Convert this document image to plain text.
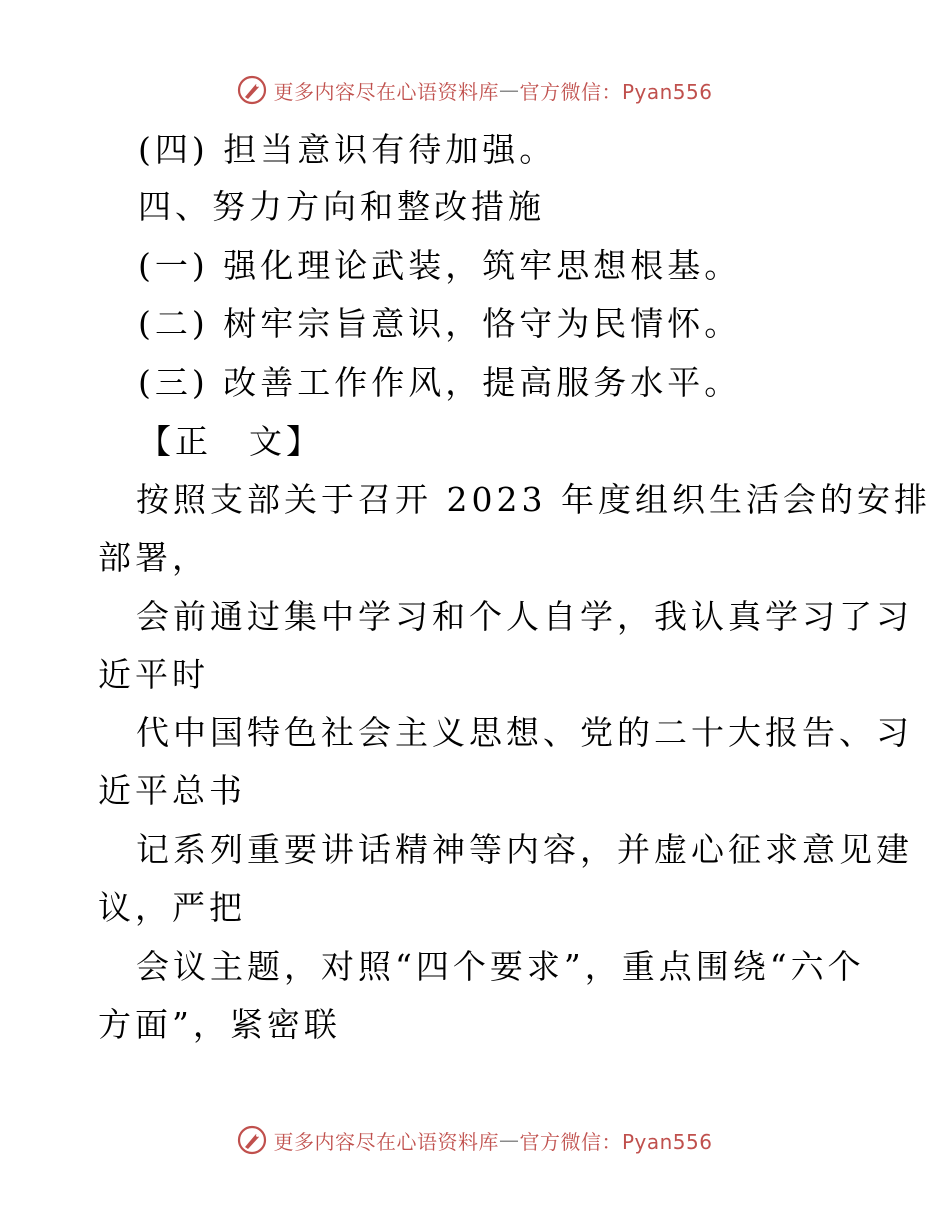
更多内容尽在心语资料库 — 官方微信：Pyan556
(四) 担当意识有待加强。
四、努力方向和整改措施
(一) 强化理论武装，筑牢思想根基。
(二) 树牢宗旨意识，恪守为民情怀。
(三) 改善工作作风，提高服务水平。
【正　文】
按照支部关于召开 2023 年度组织生活会的安排
部署，
会前通过集中学习和个人自学，我认真学习了习
近平时
代中国特色社会主义思想、党的二十大报告、习
近平总书
记系列重要讲话精神等内容，并虚心征求意见建
议，严把
会议主题，对照“四个要求”，重点围绕“六个
方面”，紧密联
更多内容尽在心语资料库 — 官方微信：Pyan556
